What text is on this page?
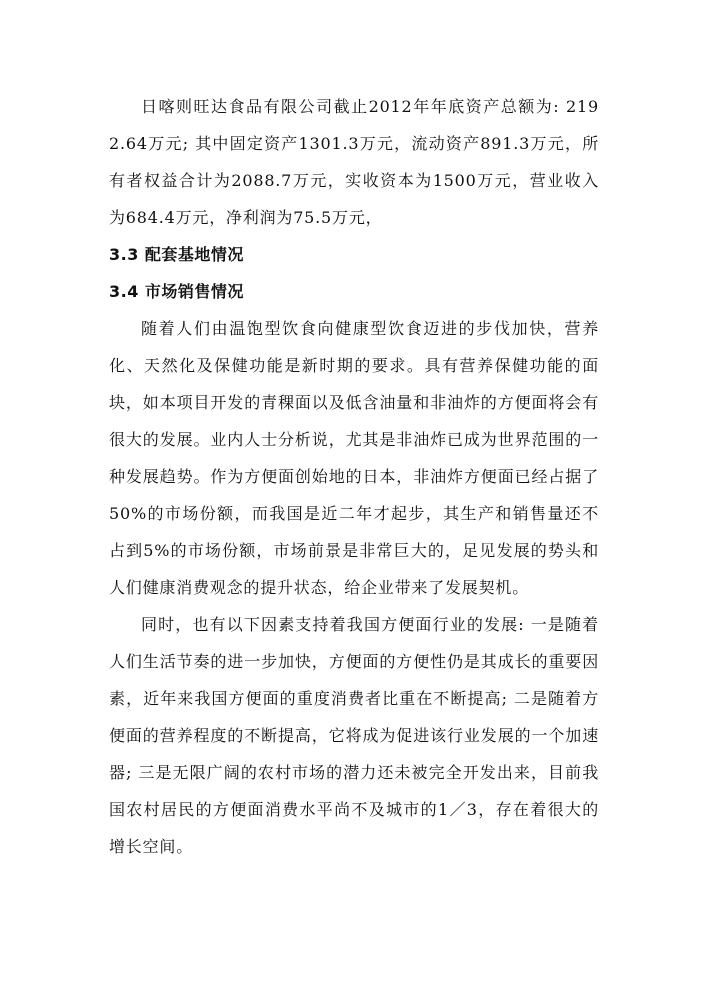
日喀则旺达食品有限公司截止2012年年底资产总额为: 2192.64万元; 其中固定资产1301.3万元，流动资产891.3万元，所有者权益合计为2088.7万元，实收资本为1500万元，营业收入为684.4万元，净利润为75.5万元，

3.3 配套基地情况
3.4 市场销售情况

随着人们由温饱型饮食向健康型饮食迈进的步伐加快，营养化、天然化及保健功能是新时期的要求。具有营养保健功能的面块，如本项目开发的青稞面以及低含油量和非油炸的方便面将会有很大的发展。业内人士分析说，尤其是非油炸已成为世界范围的一种发展趋势。作为方便面创始地的日本，非油炸方便面已经占据了50%的市场份额，而我国是近二年才起步，其生产和销售量还不占到5%的市场份额，市场前景是非常巨大的，足见发展的势头和人们健康消费观念的提升状态，给企业带来了发展契机。

同时，也有以下因素支持着我国方便面行业的发展: 一是随着人们生活节奏的进一步加快，方便面的方便性仍是其成长的重要因素，近年来我国方便面的重度消费者比重在不断提高; 二是随着方便面的营养程度的不断提高，它将成为促进该行业发展的一个加速器; 三是无限广阔的农村市场的潜力还未被完全开发出来，目前我国农村居民的方便面消费水平尚不及城市的1／3，存在着很大的增长空间。
